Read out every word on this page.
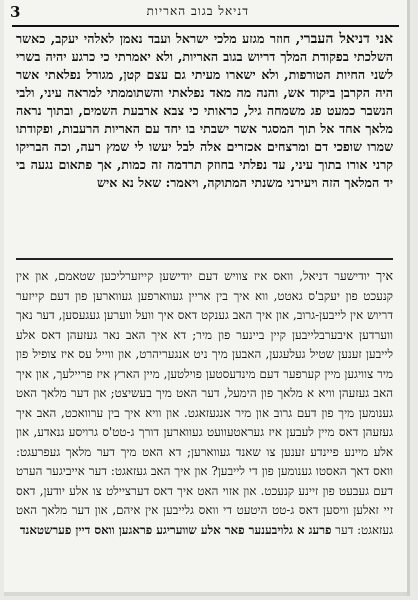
3	דניאל בגוב האריות
אני דניאל העברי, חוזר מגזע מלכי ישראל ועבד נאמן לאלהי יעקב, כאשר השלכתי בפקודת המלך דריוש בגוב האריות, ולא יאמרתי כי כרגע יהיה בשרי לשני החיות הטורפות, ולא ישארו מעיתי גם עצם קטן, מגורל נפלאתי אשר היה הקרבן ביקוד אש, והנה מה מאד נפלאתי והשתוממתי למראה עיני, ולבי הנשבר כמעט פג משמחה גיל, כראותי כי צבא ארבעת השמים, ובתוך נראה מלאך אחד אל תוך המסגר אשר ישבתי בו יחד עם האריות הרעבות, ופקודתו שמרו שופכי דם ומרצחים אכזרים אלה לבל יעשו לי שמץ רעה, וכה הבריקו קרני אורו בתוך עיני, עד נפלתי בחוזק תרדמה זה כמות, אך פתאום נגעה בי יד המלאך הזה ויעירני משנתי המתוקה, ויאמר: שאל נא איש
איך יודישער דניאל, וואס איז צוויש דעם יודישען קייזערליכען שטאמם, און אין קנעכט פון יעקב'ס גאטט, ווא איך בין אריין געווארפען געווארען פון דעם קייזער דריוש אין לייבען-גרוב, און איך האב גענקט דאס איך וועל ווערען געגעסען, דער נאך ווערדען איבערבלייבען קיין ביינער פון מיר; דא איך האב נאר געזעהן דאס אלע לייבען זענען שטיל געלעגען, האבען מיך ניט אנגעריהרט, און ווייל עס איז צופיל פון מיר צוויגען מיין קערפער דעם מינדעסטען פוילטען, מיין הארץ איז פריילעך, און איך האב געזעהן וויא א מלאך פון הימעל, דער האט מיך בעשיצט; און דער מלאך האט גענומען מיך פון דעם גרוב און מיר אנגעזאגט. און וויא איך בין ערוואכט, האב איך געזעהן דאס מיין לעבען איז געראטעוועט געווארען דורך ג-טט'ס גרויסע גנאדע, און אלע מיינע פיינדע זענען צו שאנד געווארען; דא האט מיך דער מלאך געפרעגט: וואס דאך האסטו גענומען פון די לייבען? און איך האב געזאגט: דער אייביגער הערט דעם געבעט פון זיינע קנעכט. און אזוי האט איך דאס דערציילט צו אלע יודען, דאס זיי זאלען וויסען דאס ג-טט היטעט די וואס גלייבען אין איהם, און דער מלאך האט געזאגט: דער פרעג א גלויבענער פאר אלע שוועריגע פראגען וואס דיין פערשטאנד
